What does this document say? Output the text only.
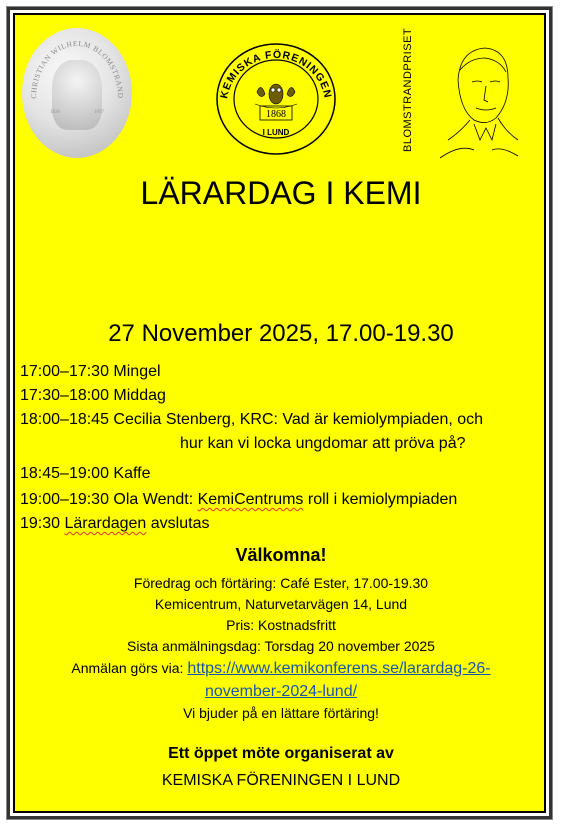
CHRISTIAN WILHELM BLOMSTRAND
1826	1897
KEMISKA FÖRENINGEN
1868
I LUND	BLOMSTRANDPRISET
LÄRARDAG I KEMI
27 November 2025, 17.00-19.30
17:00–17:30 Mingel
17:30–18:00 Middag
18:00–18:45 Cecilia Stenberg, KRC: Vad är kemiolympiaden, och
hur kan vi locka ungdomar att pröva på?
18:45–19:00 Kaffe
19:00–19:30 Ola Wendt: KemiCentrums roll i kemiolympiaden
19:30 Lärardagen avslutas
Välkomna!
Föredrag och förtäring: Café Ester, 17.00-19.30
Kemicentrum, Naturvetarvägen 14, Lund
Pris: Kostnadsfritt
Sista anmälningsdag: Torsdag 20 november 2025
Anmälan görs via: https://www.kemikonferens.se/larardag-26-
november-2024-lund/
Vi bjuder på en lättare förtäring!
Ett öppet möte organiserat av
KEMISKA FÖRENINGEN I LUND
